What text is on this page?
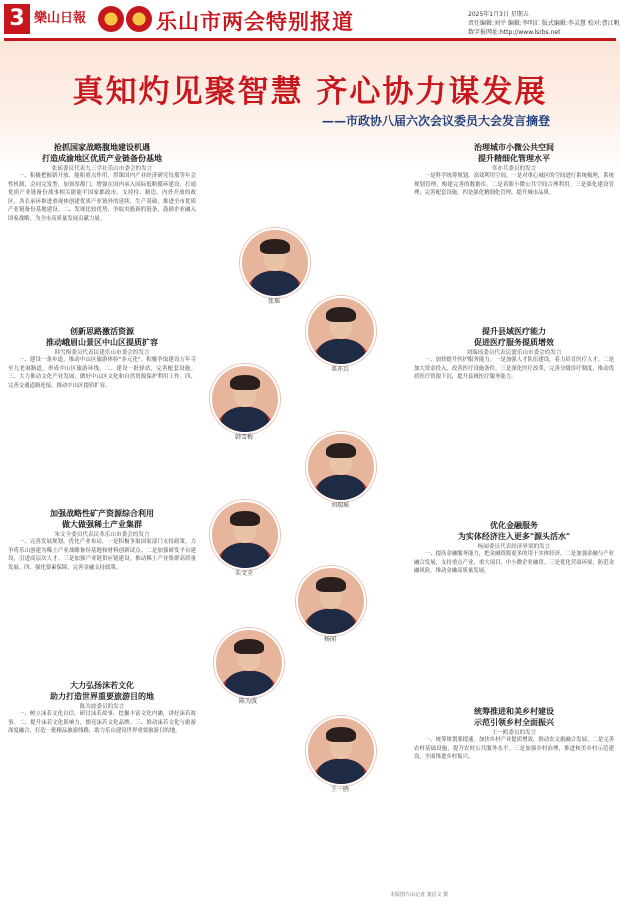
3 樂山日報	乐山市两会特别报道	2025年1月3日 星期五
责任编辑:刘平 编辑:李明汇 版式编辑:李灵慧 校对:曹江帆
数字报网址:http://www.lsrbs.net
真知灼见聚智慧 齐心协力谋发展
——市政协八届六次会议委员大会发言摘登
抢抓国家战略腹地建设机遇
打造成渝地区优质产业链备份基地
张瑶委员代表九三学社乐山市委会的发言
一、积极把握新开放、能积重点作用，得课国内产业经济研究每那等年会性机制，会同完发型，加领厚都门，增强在国内承入国际低略循环建设，打通优质产业链备份战事相关能能平国家都政市，支持持、制造、内外开放的政区，各长承环推进重视体创建优质产业链外的延续、生产基础，推进全市优质产业链备份基地建设。二、发现比较优势，争取央能新的链条，鼓励企业融入国家战略，为全市高质量发展贡献力量。
创新思路激活资源
推动峨眉山景区中山区提质扩容
韩雪梅委员代表民建乐山市委会的发言
一、建设一条步道，推动中山区旅游体验"多元化"。积极争取建设万年寺至九老洞路道，形成中山区旅游环线。二、建设一批驿站，完善配套设施。三、大力推动文化产业发展，做好中山区文化和自然资源保护利用工作。四、完善交通道路连接，推动中山区提质扩容。
加强战略性矿产资源综合利用
做大做强稀土产业集群
朱文全委员代表民革乐山市委会的发言
一、完善发展规划。优化产业布局，一是积极争取国家部门支持政策，力争将乐山创建为稀土产业战略备份基地和材料创新试点。二是加强研发平台建设，引进高层次人才。三是加强产业链供应链建设，推动稀土产业集群高质量发展。四、强化要素保障，完善金融支持政策。
大力弘扬沫若文化
助力打造世界重要旅游目的地
陈为波委员的发言
一、树立沫若文化自信。研讨沫若故事，挖掘丰富文化内涵，讲好沫若故事。二、提升沫若文化影响力，擦亮沫若文化品牌。三、推动沫若文化与旅游深度融合，打造一批精品旅游线路，助力乐山建设世界重要旅游目的地。
治理城市小微公共空间
提升精细化管理水平
辜亦兵委员的发言
一是科学统筹规划，高效利用空间。一是对重心城区的空间进行系统梳理，系统规划管理，构建完善的数据库。二是着眼小微公共空间合理利用。三是强化建设管理，完善配套设施。四是强化精细化管理，提升城市品质。
提升县域医疗能力
促进医疗服务提质增效
刘瑞瑶委员代表民盟乐山市委会的发言
一、加快提升医护服务能力。一是加强人才队伍建设，着力培育医疗人才。二是加大资金投入，改善医疗设施条件。三是深化医疗改革，完善分级诊疗制度，推动优质医疗资源下沉，提升县域医疗服务能力。
优化金融服务
为实体经济注入更多"源头活水"
杨闻委员代表经济界别的发言
一、提高金融服务能力，把金融资源更多的用于实体经济。二是加强金融与产业融合发展，支持重点产业、重大项目、中小微企业融资。三是优化营商环境，防范金融风险，推动金融高质量发展。
统筹推进和美乡村建设
示范引领乡村全面振兴
王一鸥委员的发言
一、统筹规划要提速。加快乡村产业提质增效，推动农文旅融合发展。二是完善农村基础设施，提升农村公共服务水平。三是加强乡村治理，推进和美乡村示范建设，全面推进乡村振兴。
张瑶
辜亦兵
韩雪梅
刘瑞瑶
朱文全
杨闻
陈为波
王一鸥
本版图片由记者 龚启文 摄
